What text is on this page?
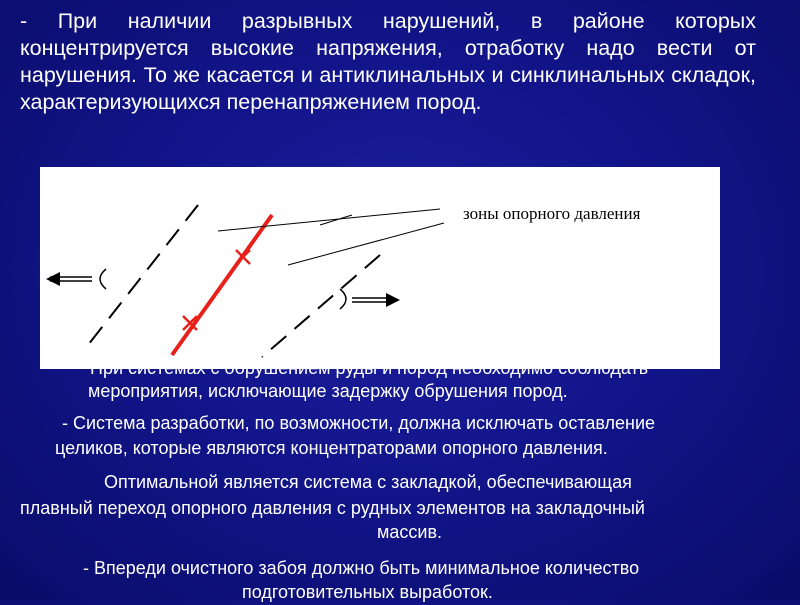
- При наличии разрывных нарушений, в районе которых концентрируется высокие напряжения, отработку надо вести от нарушения. То же касается и антиклинальных и синклинальных складок, характеризующихся перенапряжением пород.

мероприятия, исключающие задержку обрушения пород.
- Система разработки, по возможности, должна исключать оставление
целиков, которые являются концентраторами опорного давления.
Оптимальной является система с закладкой, обеспечивающая
плавный переход опорного давления с рудных элементов на закладочный
массив.
- Впереди очистного забоя должно быть минимальное количество
подготовительных выработок.
зоны опорного давления
